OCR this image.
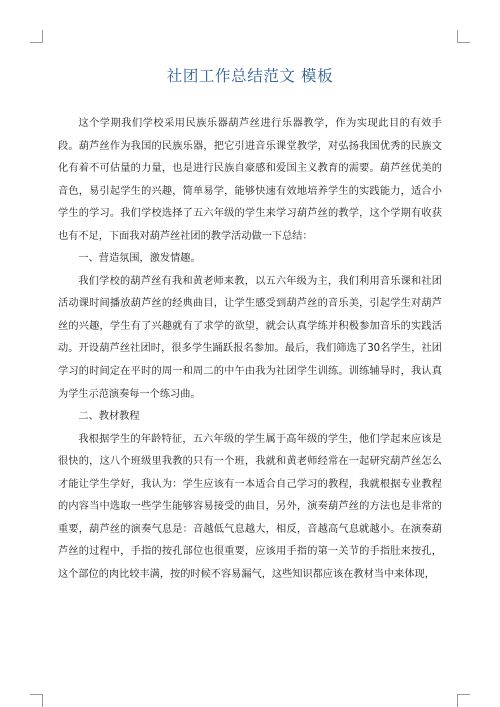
社团工作总结范文 模板

这个学期我们学校采用民族乐器葫芦丝进行乐器教学，作为实现此目的有效手段。葫芦丝作为我国的民族乐器，把它引进音乐课堂教学，对弘扬我国优秀的民族文化有着不可估量的力量，也是进行民族自豪感和爱国主义教育的需要。葫芦丝优美的音色，易引起学生的兴趣，简单易学，能够快速有效地培养学生的实践能力，适合小学生的学习。我们学校选择了五六年级的学生来学习葫芦丝的教学，这个学期有收获也有不足，下面我对葫芦丝社团的教学活动做一下总结：

一、营造氛围，激发情趣。

我们学校的葫芦丝有我和黄老师来教，以五六年级为主，我们利用音乐课和社团活动课时间播放葫芦丝的经典曲目，让学生感受到葫芦丝的音乐美，引起学生对葫芦丝的兴趣，学生有了兴趣就有了求学的欲望，就会认真学练并积极参加音乐的实践活动。开设葫芦丝社团时，很多学生踊跃报名参加。最后，我们筛选了30名学生，社团学习的时间定在平时的周一和周二的中午由我为社团学生训练。训练辅导时，我认真为学生示范演奏每一个练习曲。

二、教材教程

我根据学生的年龄特征，五六年级的学生属于高年级的学生，他们学起来应该是很快的，这八个班级里我教的只有一个班，我就和黄老师经常在一起研究葫芦丝怎么才能让学生学好，我认为：学生应该有一本适合自己学习的教程，我就根据专业教程的内容当中选取一些学生能够容易接受的曲目，另外，演奏葫芦丝的方法也是非常的重要，葫芦丝的演奏气息是：音越低气息越大，相反，音越高气息就越小。在演奏葫芦丝的过程中，手指的按孔部位也很重要，应该用手指的第一关节的手指肚来按孔，这个部位的肉比较丰满，按的时候不容易漏气，这些知识都应该在教材当中来体现，
